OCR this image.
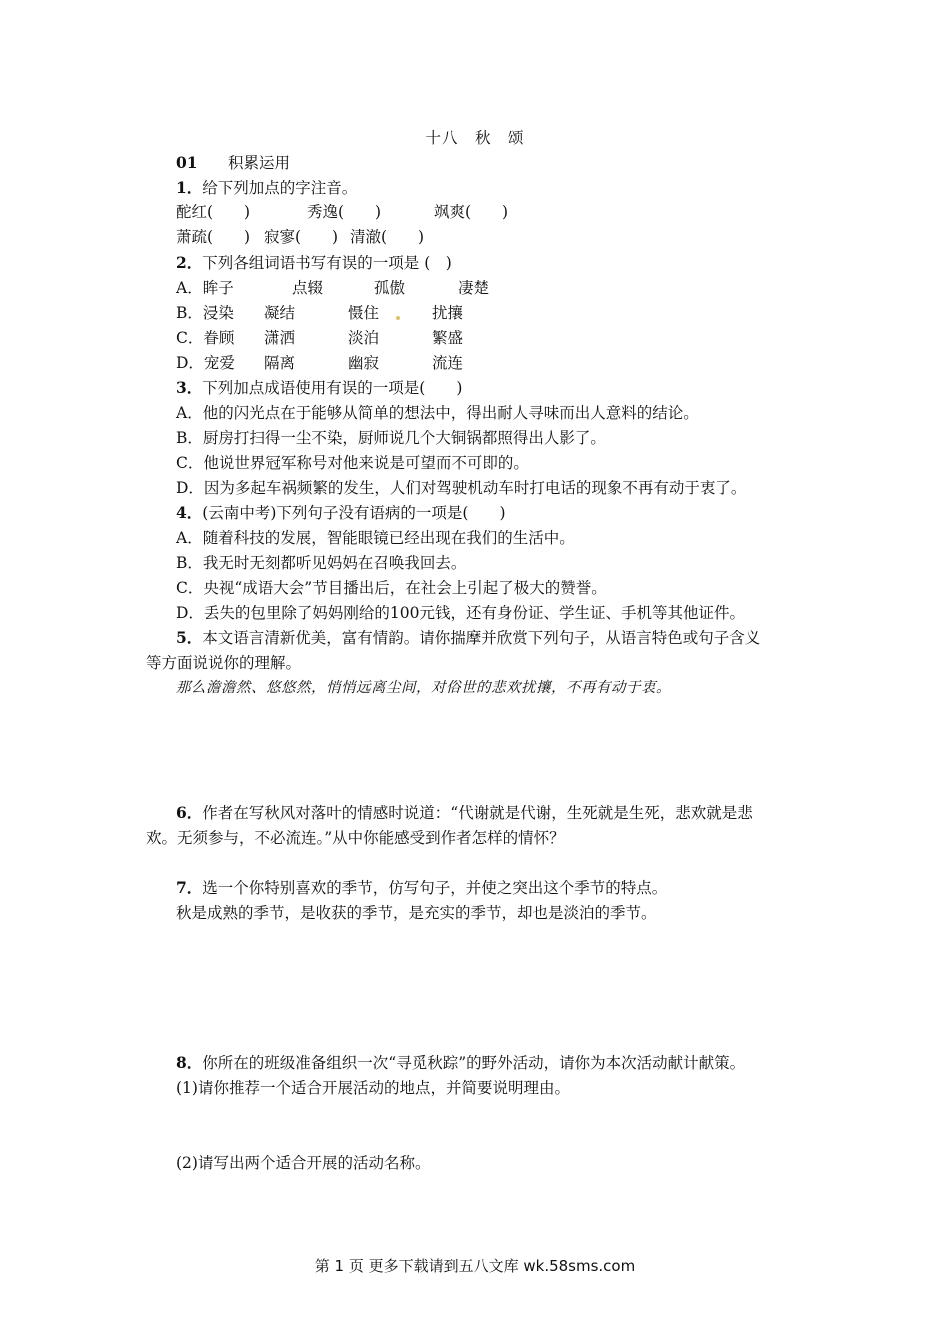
十八　秋　颂
01 积累运用
1．给下列加点的字注音。
酡红(　　)	秀逸(　　)	飒爽(　　)
萧疏(　　) 寂寥(　　) 清澈(　　)
2．下列各组词语书写有误的一项是 (　)
A．眸子	点辍	孤傲	凄楚
B．浸染 凝结	慑住	扰攘
C．眷顾 潇洒	淡泊	繁盛
D．宠爱 隔离	幽寂	流连
3．下列加点成语使用有误的一项是(　　)
A．他的闪光点在于能够从简单的想法中，得出耐人寻味而出人意料的结论。
B．厨房打扫得一尘不染，厨师说几个大铜锅都照得出人影了。
C．他说世界冠军称号对他来说是可望而不可即的。
D．因为多起车祸频繁的发生，人们对驾驶机动车时打电话的现象不再有动于衷了。
4．(云南中考)下列句子没有语病的一项是(　　)
A．随着科技的发展，智能眼镜已经出现在我们的生活中。
B．我无时无刻都听见妈妈在召唤我回去。
C．央视“成语大会”节目播出后，在社会上引起了极大的赞誉。
D．丢失的包里除了妈妈刚给的100元钱，还有身份证、学生证、手机等其他证件。
5．本文语言清新优美，富有情韵。请你揣摩并欣赏下列句子，从语言特色或句子含义
等方面说说你的理解。
那么澹澹然、悠悠然，悄悄远离尘间，对俗世的悲欢扰攘，不再有动于衷。
6．作者在写秋风对落叶的情感时说道：“代谢就是代谢，生死就是生死，悲欢就是悲
欢。无须参与，不必流连。”从中你能感受到作者怎样的情怀？
7．选一个你特别喜欢的季节，仿写句子，并使之突出这个季节的特点。
秋是成熟的季节，是收获的季节，是充实的季节，却也是淡泊的季节。
8．你所在的班级准备组织一次“寻觅秋踪”的野外活动，请你为本次活动献计献策。
(1)请你推荐一个适合开展活动的地点，并简要说明理由。
(2)请写出两个适合开展的活动名称。
第 1 页 更多下载请到五八文库 wk.58sms.com
